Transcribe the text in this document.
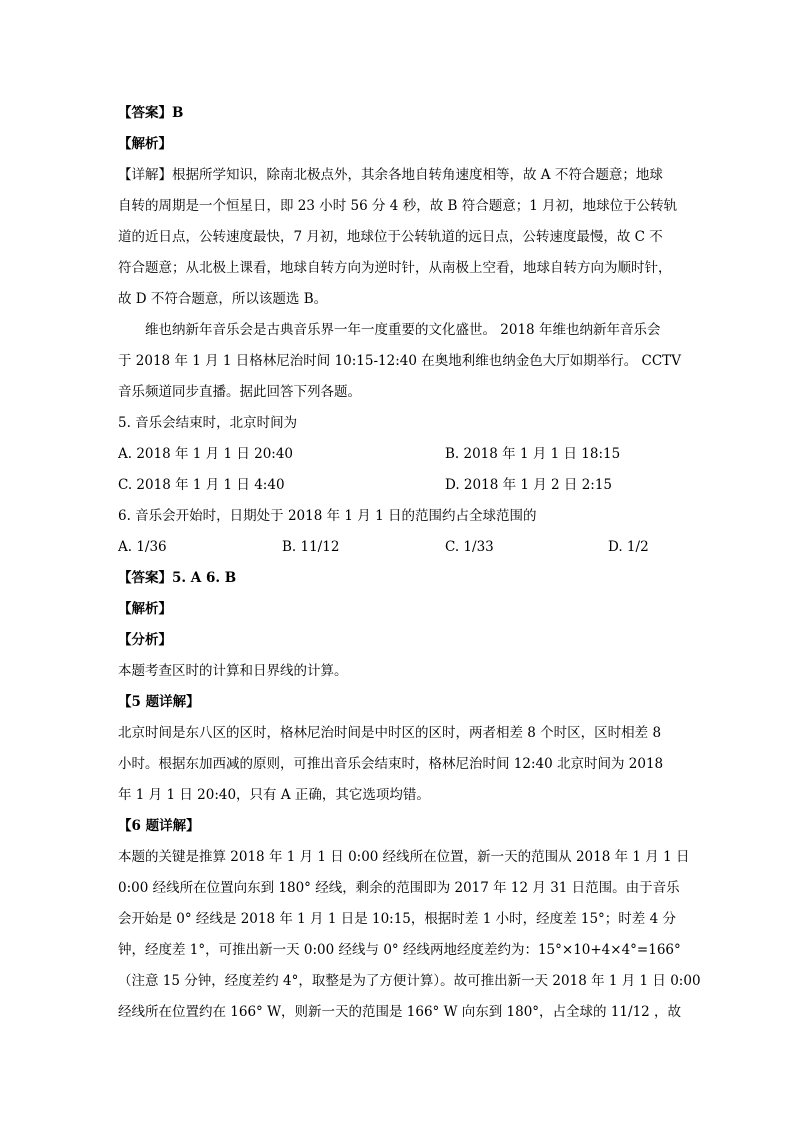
【答案】B
【解析】
【详解】根据所学知识，除南北极点外，其余各地自转角速度相等，故 A 不符合题意；地球
自转的周期是一个恒星日，即 23 小时 56 分 4 秒，故 B 符合题意；1 月初，地球位于公转轨
道的近日点，公转速度最快，7 月初，地球位于公转轨道的远日点，公转速度最慢，故 C 不
符合题意；从北极上课看，地球自转方向为逆时针，从南极上空看，地球自转方向为顺时针，
故 D 不符合题意，所以该题选 B。
维也纳新年音乐会是古典音乐界一年一度重要的文化盛世。 2018 年维也纳新年音乐会
于 2018 年 1 月 1 日格林尼治时间 10:15-12:40 在奥地利维也纳金色大厅如期举行。 CCTV
音乐频道同步直播。据此回答下列各题。
5. 音乐会结束时，北京时间为
A. 2018 年 1 月 1 日 20:40	B. 2018 年 1 月 1 日 18:15
C. 2018 年 1 月 1 日 4:40	D. 2018 年 1 月 2 日 2:15
6. 音乐会开始时，日期处于 2018 年 1 月 1 日的范围约占全球范围的
A. 1/36	B. 11/12	C. 1/33	D. 1/2
【答案】5. A 6. B
【解析】
【分析】
本题考查区时的计算和日界线的计算。
【5 题详解】
北京时间是东八区的区时，格林尼治时间是中时区的区时，两者相差 8 个时区，区时相差 8
小时。根据东加西减的原则，可推出音乐会结束时，格林尼治时间 12:40 北京时间为 2018
年 1 月 1 日 20:40，只有 A 正确，其它选项均错。
【6 题详解】
本题的关键是推算 2018 年 1 月 1 日 0:00 经线所在位置，新一天的范围从 2018 年 1 月 1 日
0:00 经线所在位置向东到 180° 经线，剩余的范围即为 2017 年 12 月 31 日范围。由于音乐
会开始是 0° 经线是 2018 年 1 月 1 日是 10:15，根据时差 1 小时，经度差 15°；时差 4 分
钟，经度差 1°，可推出新一天 0:00 经线与 0° 经线两地经度差约为：15°×10+4×4°=166°
（注意 15 分钟，经度差约 4°，取整是为了方便计算）。故可推出新一天 2018 年 1 月 1 日 0:00
经线所在位置约在 166° W，则新一天的范围是 166° W 向东到 180°，占全球的 11/12 ，故
